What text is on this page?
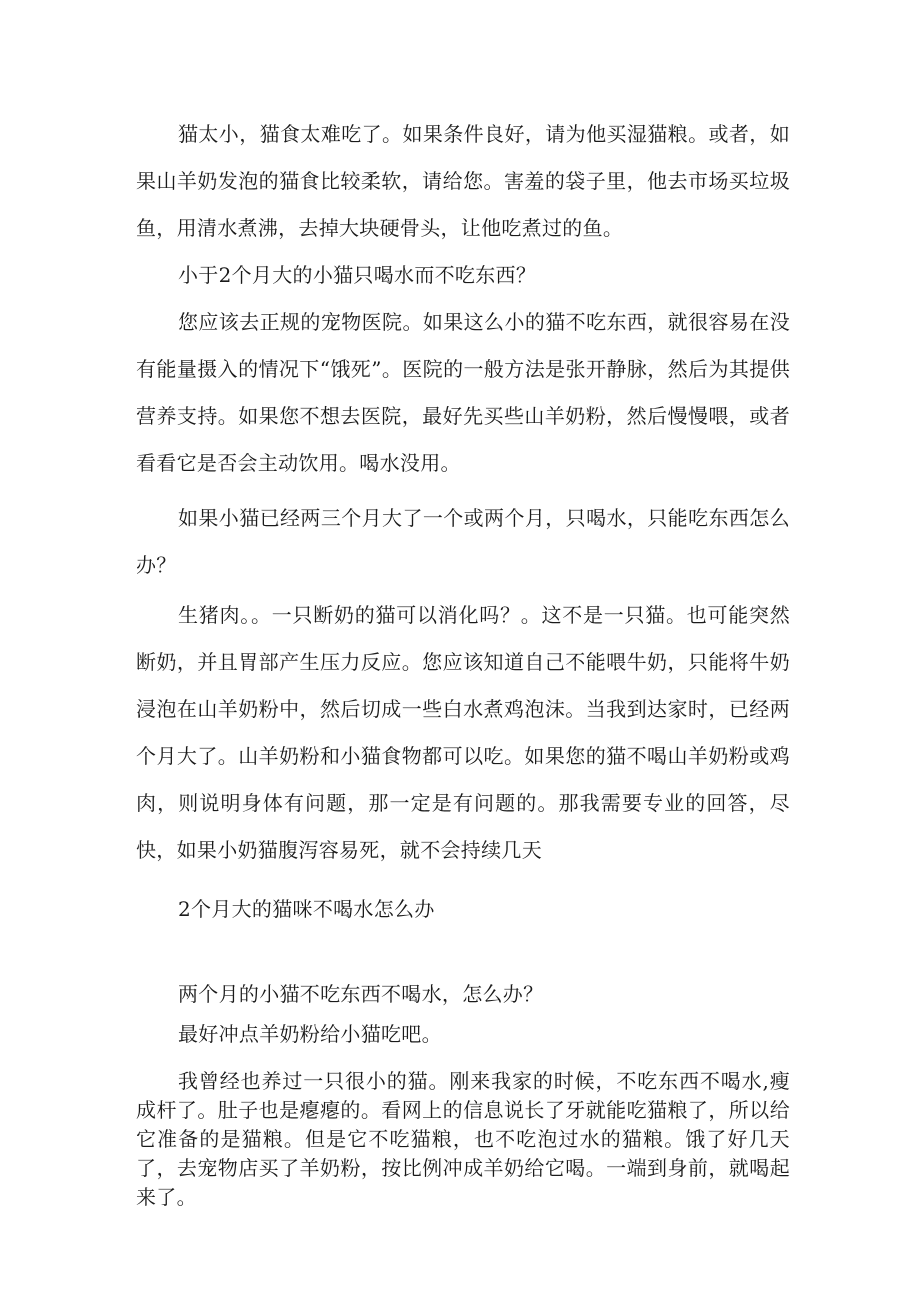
猫太小，猫食太难吃了。如果条件良好，请为他买湿猫粮。或者，如果山羊奶发泡的猫食比较柔软，请给您。害羞的袋子里，他去市场买垃圾鱼，用清水煮沸，去掉大块硬骨头，让他吃煮过的鱼。

小于2个月大的小猫只喝水而不吃东西？

您应该去正规的宠物医院。如果这么小的猫不吃东西，就很容易在没有能量摄入的情况下“饿死”。医院的一般方法是张开静脉，然后为其提供营养支持。如果您不想去医院，最好先买些山羊奶粉，然后慢慢喂，或者看看它是否会主动饮用。喝水没用。

如果小猫已经两三个月大了一个或两个月，只喝水，只能吃东西怎么办？

生猪肉。。一只断奶的猫可以消化吗？。这不是一只猫。也可能突然断奶，并且胃部产生压力反应。您应该知道自己不能喂牛奶，只能将牛奶浸泡在山羊奶粉中，然后切成一些白水煮鸡泡沫。当我到达家时，已经两个月大了。山羊奶粉和小猫食物都可以吃。如果您的猫不喝山羊奶粉或鸡肉，则说明身体有问题，那一定是有问题的。那我需要专业的回答，尽快，如果小奶猫腹泻容易死，就不会持续几天

2个月大的猫咪不喝水怎么办

两个月的小猫不吃东西不喝水，怎么办？

最好冲点羊奶粉给小猫吃吧。

我曾经也养过一只很小的猫。刚来我家的时候，不吃东西不喝水,瘦成杆了。肚子也是瘪瘪的。看网上的信息说长了牙就能吃猫粮了，所以给它准备的是猫粮。但是它不吃猫粮，也不吃泡过水的猫粮。饿了好几天了，去宠物店买了羊奶粉，按比例冲成羊奶给它喝。一端到身前，就喝起来了。
